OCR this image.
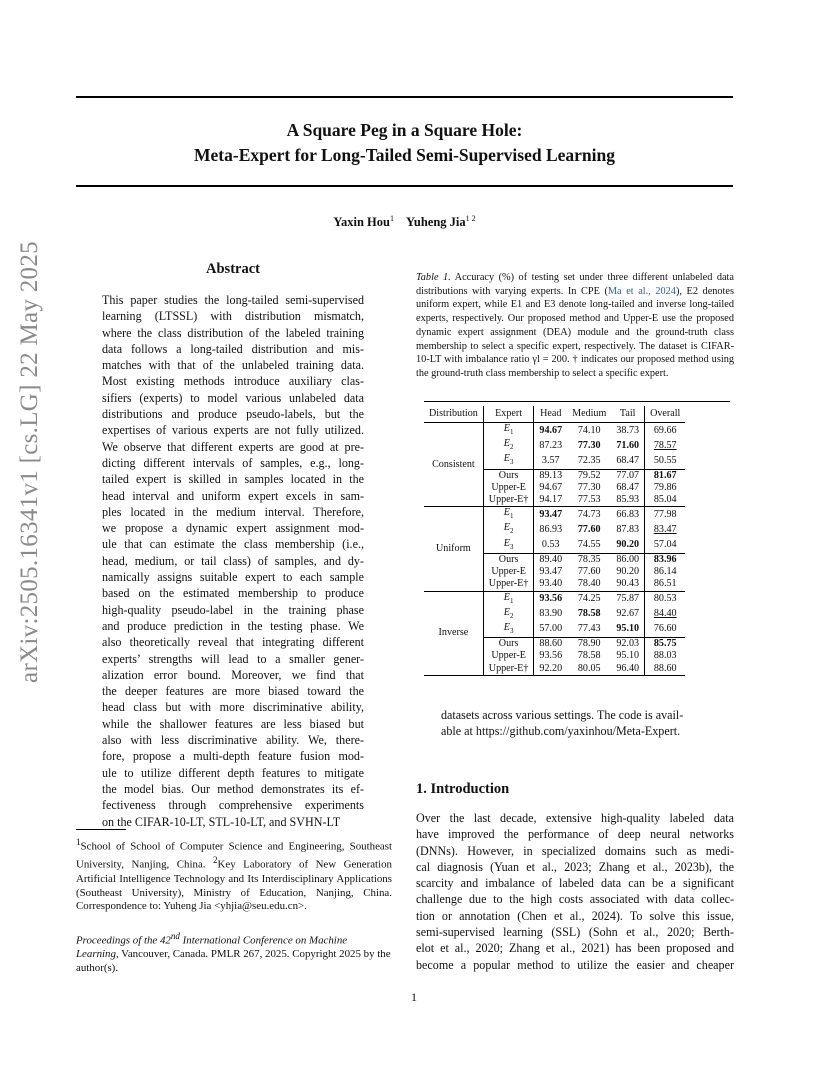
arXiv:2505.16341v1 [cs.LG] 22 May 2025
A Square Peg in a Square Hole:
Meta-Expert for Long-Tailed Semi-Supervised Learning
Yaxin Hou$^1$ Yuheng Jia$^{1 2}$
Abstract
This paper studies the long-tailed semi-supervised
learning (LTSSL) with distribution mismatch,
where the class distribution of the labeled training
data follows a long-tailed distribution and mis-
matches with that of the unlabeled training data.
Most existing methods introduce auxiliary clas-
sifiers (experts) to model various unlabeled data
distributions and produce pseudo-labels, but the
expertises of various experts are not fully utilized.
We observe that different experts are good at pre-
dicting different intervals of samples, e.g., long-
tailed expert is skilled in samples located in the
head interval and uniform expert excels in sam-
ples located in the medium interval. Therefore,
we propose a dynamic expert assignment mod-
ule that can estimate the class membership (i.e.,
head, medium, or tail class) of samples, and dy-
namically assigns suitable expert to each sample
based on the estimated membership to produce
high-quality pseudo-label in the training phase
and produce prediction in the testing phase. We
also theoretically reveal that integrating different
experts’ strengths will lead to a smaller gener-
alization error bound. Moreover, we find that
the deeper features are more biased toward the
head class but with more discriminative ability,
while the shallower features are less biased but
also with less discriminative ability. We, there-
fore, propose a multi-depth feature fusion mod-
ule to utilize different depth features to mitigate
the model bias. Our method demonstrates its ef-
fectiveness through comprehensive experiments
on the CIFAR-10-LT, STL-10-LT, and SVHN-LT
$^1$School of School of Computer Science and Engineering, Southeast University, Nanjing, China. $^2$Key Laboratory of New Generation Artificial Intelligence Technology and Its Interdisciplinary Applications (Southeast University), Ministry of Education, Nanjing, China. Correspondence to: Yuheng Jia <yhjia@seu.edu.cn>.
Proceedings of the 42nd International Conference on Machine Learning, Vancouver, Canada. PMLR 267, 2025. Copyright 2025 by the author(s).
Table 1. Accuracy (%) of testing set under three different unlabeled data distributions with varying experts. In CPE (Ma et al., 2024), E2 denotes uniform expert, while E1 and E3 denote long-tailed and inverse long-tailed experts, respectively. Our proposed method and Upper-E use the proposed dynamic expert assignment (DEA) module and the ground-truth class membership to select a specific expert, respectively. The dataset is CIFAR-10-LT with imbalance ratio γl = 200. † indicates our proposed method using the ground-truth class membership to select a specific expert.
Distribution	Expert	Head	Medium	Tail	Overall
Consistent	$E_1$	94.67	74.10	38.73	69.66
	$E_2$	87.23	77.30	71.60	78.57
	$E_3$	3.57	72.35	68.47	50.55
	Ours	89.13	79.52	77.07	81.67
	Upper-E	94.67	77.30	68.47	79.86
	Upper-E†	94.17	77.53	85.93	85.04
Uniform	$E_1$	93.47	74.73	66.83	77.98
	$E_2$	86.93	77.60	87.83	83.47
	$E_3$	0.53	74.55	90.20	57.04
	Ours	89.40	78.35	86.00	83.96
	Upper-E	93.47	77.60	90.20	86.14
	Upper-E†	93.40	78.40	90.43	86.51
Inverse	$E_1$	93.56	74.25	75.87	80.53
	$E_2$	83.90	78.58	92.67	84.40
	$E_3$	57.00	77.43	95.10	76.60
	Ours	88.60	78.90	92.03	85.75
	Upper-E	93.56	78.58	95.10	88.03
	Upper-E†	92.20	80.05	96.40	88.60
datasets across various settings. The code is avail-
able at https://github.com/yaxinhou/Meta-Expert.
1. Introduction
Over the last decade, extensive high-quality labeled data
have improved the performance of deep neural networks
(DNNs). However, in specialized domains such as medi-
cal diagnosis (Yuan et al., 2023; Zhang et al., 2023b), the
scarcity and imbalance of labeled data can be a significant
challenge due to the high costs associated with data collec-
tion or annotation (Chen et al., 2024). To solve this issue,
semi-supervised learning (SSL) (Sohn et al., 2020; Berth-
elot et al., 2020; Zhang et al., 2021) has been proposed and
become a popular method to utilize the easier and cheaper
1
